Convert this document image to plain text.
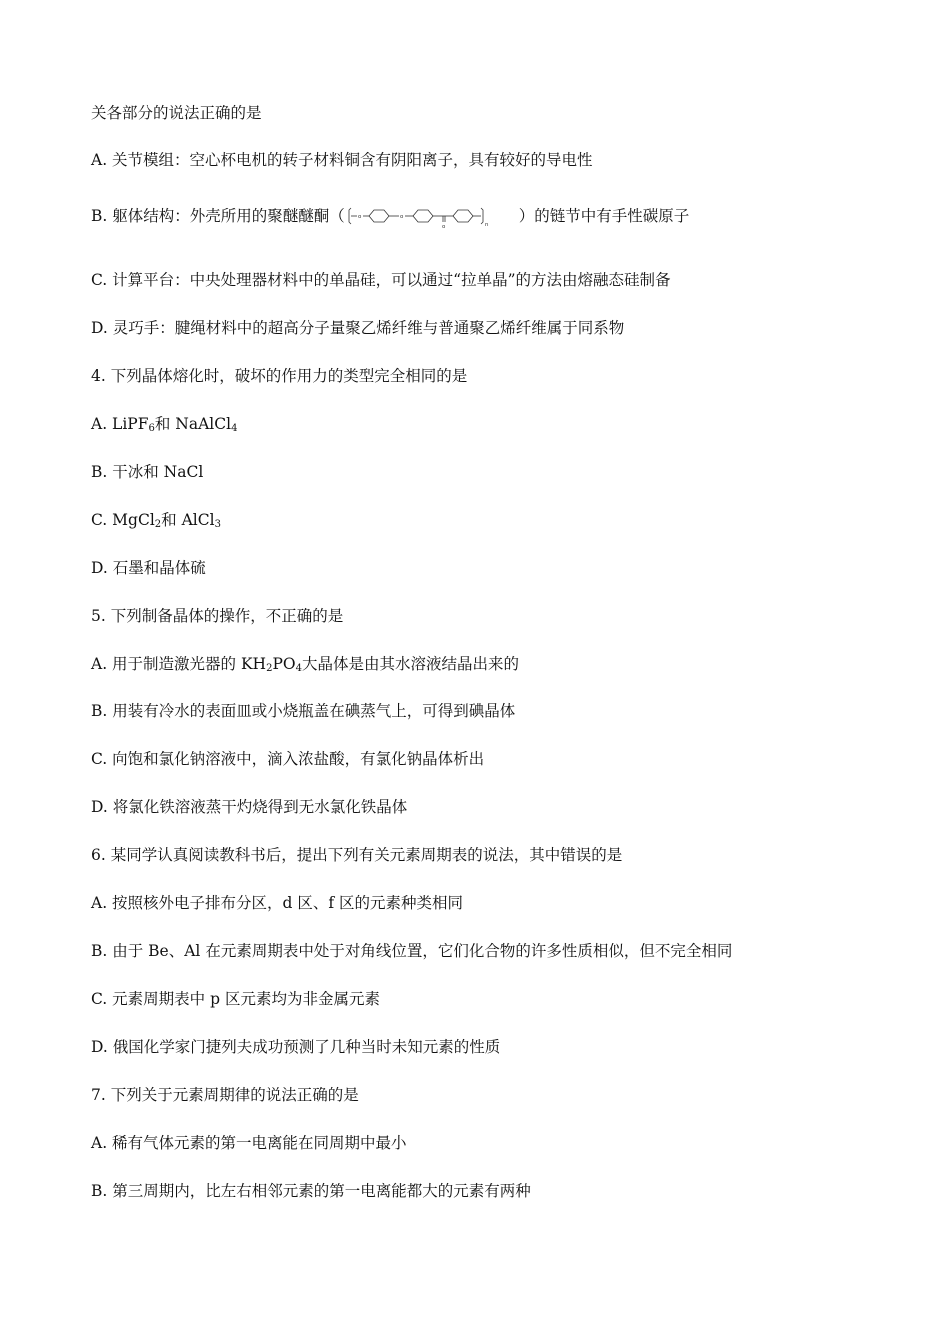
关各部分的说法正确的是
A. 关节模组：空心杯电机的转子材料铜含有阴阳离子，具有较好的导电性
B. 躯体结构：外壳所用的聚醚醚酮（ o	o
o	n ）的链节中有手性碳原子
C. 计算平台：中央处理器材料中的单晶硅，可以通过“拉单晶”的方法由熔融态硅制备
D. 灵巧手：腱绳材料中的超高分子量聚乙烯纤维与普通聚乙烯纤维属于同系物
4. 下列晶体熔化时，破坏的作用力的类型完全相同的是
A. LiPF$_6$和 NaAlCl$_4$
B. 干冰和 NaCl
C. MgCl$_2$和 AlCl$_3$
D. 石墨和晶体硫
5. 下列制备晶体的操作，不正确的是
A. 用于制造激光器的 $KH_2PO_4$大晶体是由其水溶液结晶出来的
B. 用装有冷水的表面皿或小烧瓶盖在碘蒸气上，可得到碘晶体
C. 向饱和氯化钠溶液中，滴入浓盐酸，有氯化钠晶体析出
D. 将氯化铁溶液蒸干灼烧得到无水氯化铁晶体
6. 某同学认真阅读教科书后，提出下列有关元素周期表的说法，其中错误的是
A. 按照核外电子排布分区，d 区、f 区的元素种类相同
B. 由于 Be、Al 在元素周期表中处于对角线位置，它们化合物的许多性质相似，但不完全相同
C. 元素周期表中 p 区元素均为非金属元素
D. 俄国化学家门捷列夫成功预测了几种当时未知元素的性质
7. 下列关于元素周期律的说法正确的是
A. 稀有气体元素的第一电离能在同周期中最小
B. 第三周期内，比左右相邻元素的第一电离能都大的元素有两种
